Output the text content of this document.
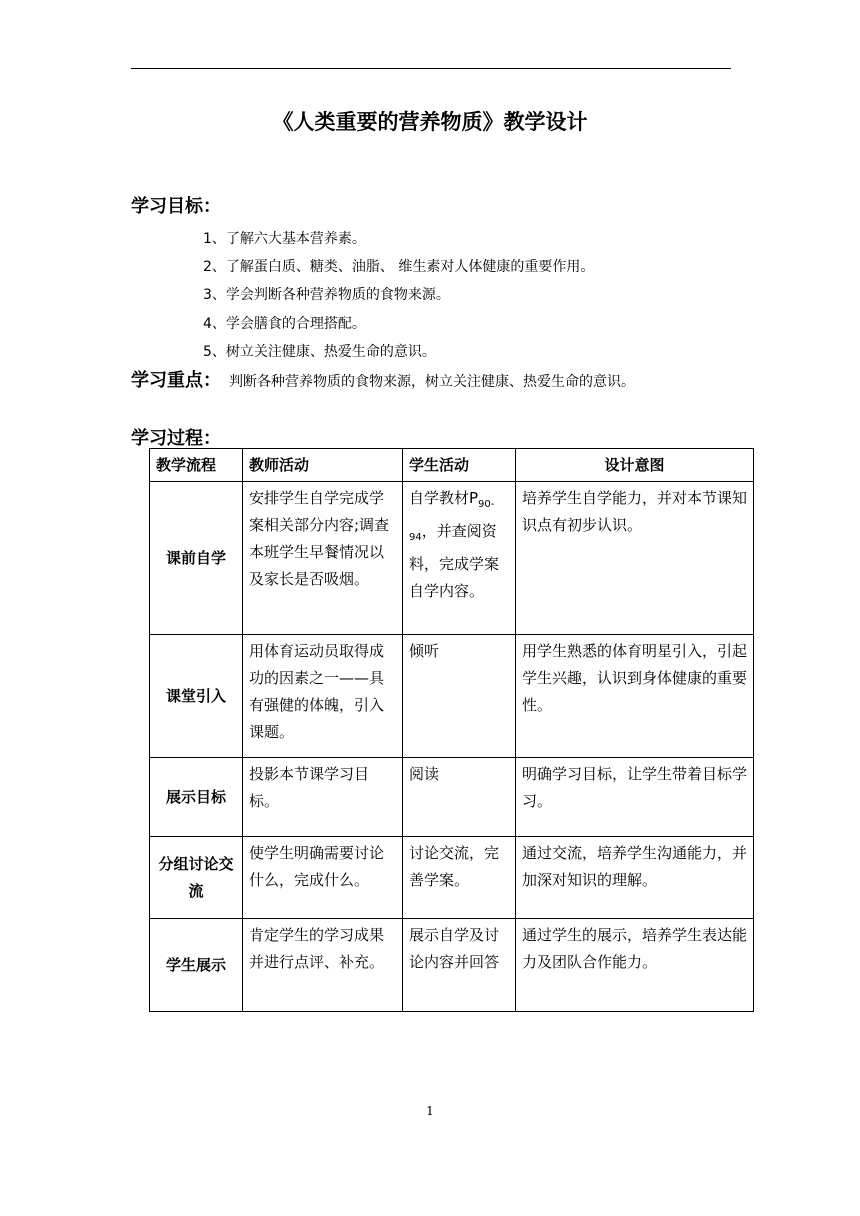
《人类重要的营养物质》教学设计
学习目标：
1、了解六大基本营养素。
2、了解蛋白质、糖类、油脂、 维生素对人体健康的重要作用。
3、学会判断各种营养物质的食物来源。
4、学会膳食的合理搭配。
5、树立关注健康、热爱生命的意识。
学习重点： 判断各种营养物质的食物来源，树立关注健康、热爱生命的意识。
学习过程：
教学流程	教师活动	学生活动	设计意图
课前自学	安排学生自学完成学案相关部分内容;调查本班学生早餐情况以及家长是否吸烟。	自学教材$P_{90-94}$，并查阅资料，完成学案自学内容。	培养学生自学能力，并对本节课知识点有初步认识。
课堂引入	用体育运动员取得成功的因素之一——具有强健的体魄，引入课题。	倾听	用学生熟悉的体育明星引入，引起学生兴趣，认识到身体健康的重要性。
展示目标	投影本节课学习目标。	阅读	明确学习目标，让学生带着目标学习。
分组讨论交流	使学生明确需要讨论什么，完成什么。	讨论交流，完善学案。	通过交流，培养学生沟通能力，并加深对知识的理解。
学生展示	肯定学生的学习成果并进行点评、补充。	展示自学及讨论内容并回答	通过学生的展示，培养学生表达能力及团队合作能力。
1
